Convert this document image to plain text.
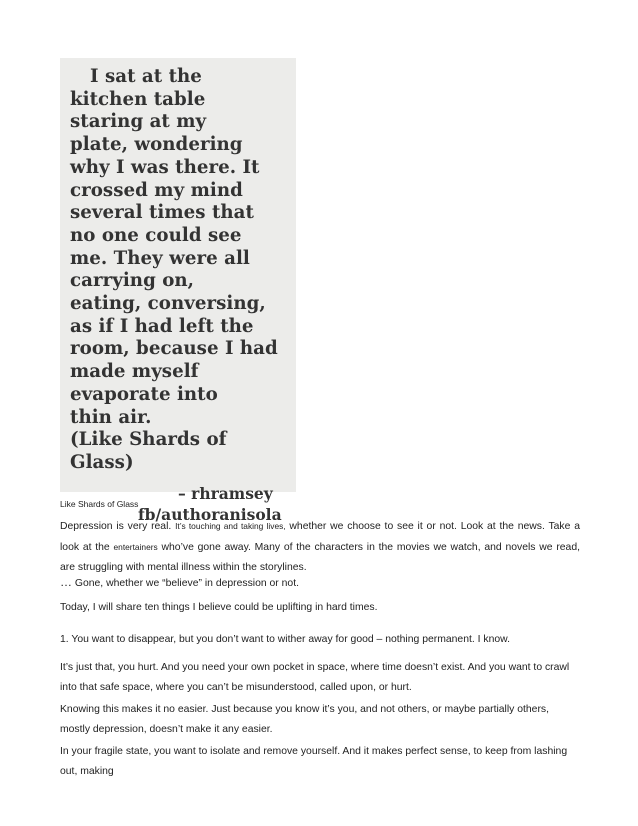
I sat at the
kitchen table
staring at my
plate, wondering
why I was there. It
crossed my mind
several times that
no one could see
me. They were all
carrying on,
eating, conversing,
as if I had left the
room, because I had
made myself
evaporate into
thin air.
(Like Shards of
Glass)
– rhramsey
fb/authoranisola
Like Shards of Glass

Depression is very real. It’s touching and taking lives, whether we choose to see it or not. Look at the news. Take a look at the entertainers who’ve gone away. Many of the characters in the movies we watch, and novels we read, are struggling with mental illness within the storylines.

… Gone, whether we “believe” in depression or not.

Today, I will share ten things I believe could be uplifting in hard times.

1. You want to disappear, but you don’t want to wither away for good – nothing permanent. I know.

It’s just that, you hurt. And you need your own pocket in space, where time doesn’t exist. And you want to crawl into that safe space, where you can’t be misunderstood, called upon, or hurt.

Knowing this makes it no easier. Just because you know it’s you, and not others, or maybe partially others, mostly depression, doesn’t make it any easier.

In your fragile state, you want to isolate and remove yourself. And it makes perfect sense, to keep from lashing out, making
